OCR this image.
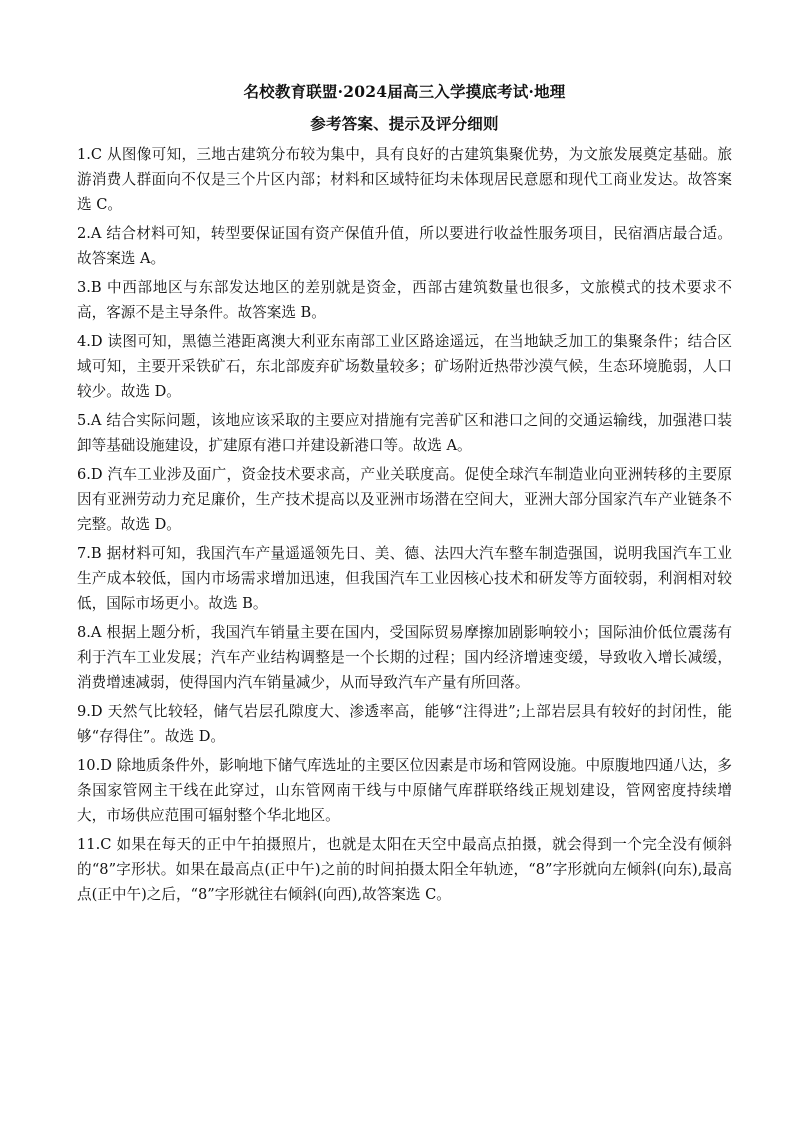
名校教育联盟·2024届高三入学摸底考试·地理
参考答案、提示及评分细则
1.C 从图像可知，三地古建筑分布较为集中，具有良好的古建筑集聚优势，为文旅发展奠定基础。旅游消费人群面向不仅是三个片区内部；材料和区域特征均未体现居民意愿和现代工商业发达。故答案选 C。
2.A 结合材料可知，转型要保证国有资产保值升值，所以要进行收益性服务项目，民宿酒店最合适。故答案选 A。
3.B 中西部地区与东部发达地区的差别就是资金，西部古建筑数量也很多，文旅模式的技术要求不高，客源不是主导条件。故答案选 B。
4.D 读图可知，黑德兰港距离澳大利亚东南部工业区路途遥远，在当地缺乏加工的集聚条件；结合区域可知，主要开采铁矿石，东北部废弃矿场数量较多；矿场附近热带沙漠气候，生态环境脆弱，人口较少。故选 D。
5.A 结合实际问题，该地应该采取的主要应对措施有完善矿区和港口之间的交通运输线，加强港口装卸等基础设施建设，扩建原有港口并建设新港口等。故选 A。
6.D 汽车工业涉及面广，资金技术要求高，产业关联度高。促使全球汽车制造业向亚洲转移的主要原因有亚洲劳动力充足廉价，生产技术提高以及亚洲市场潜在空间大，亚洲大部分国家汽车产业链条不完整。故选 D。
7.B 据材料可知，我国汽车产量遥遥领先日、美、德、法四大汽车整车制造强国，说明我国汽车工业生产成本较低，国内市场需求增加迅速，但我国汽车工业因核心技术和研发等方面较弱，利润相对较低，国际市场更小。故选 B。
8.A 根据上题分析，我国汽车销量主要在国内，受国际贸易摩擦加剧影响较小；国际油价低位震荡有利于汽车工业发展；汽车产业结构调整是一个长期的过程；国内经济增速变缓，导致收入增长减缓，消费增速减弱，使得国内汽车销量减少，从而导致汽车产量有所回落。
9.D 天然气比较轻，储气岩层孔隙度大、渗透率高，能够“注得进”;上部岩层具有较好的封闭性，能够“存得住”。故选 D。
10.D 除地质条件外，影响地下储气库选址的主要区位因素是市场和管网设施。中原腹地四通八达，多条国家管网主干线在此穿过，山东管网南干线与中原储气库群联络线正规划建设，管网密度持续增大，市场供应范围可辐射整个华北地区。
11.C 如果在每天的正中午拍摄照片，也就是太阳在天空中最高点拍摄，就会得到一个完全没有倾斜的“8”字形状。如果在最高点(正中午)之前的时间拍摄太阳全年轨迹，“8”字形就向左倾斜(向东),最高点(正中午)之后，“8”字形就往右倾斜(向西),故答案选 C。
